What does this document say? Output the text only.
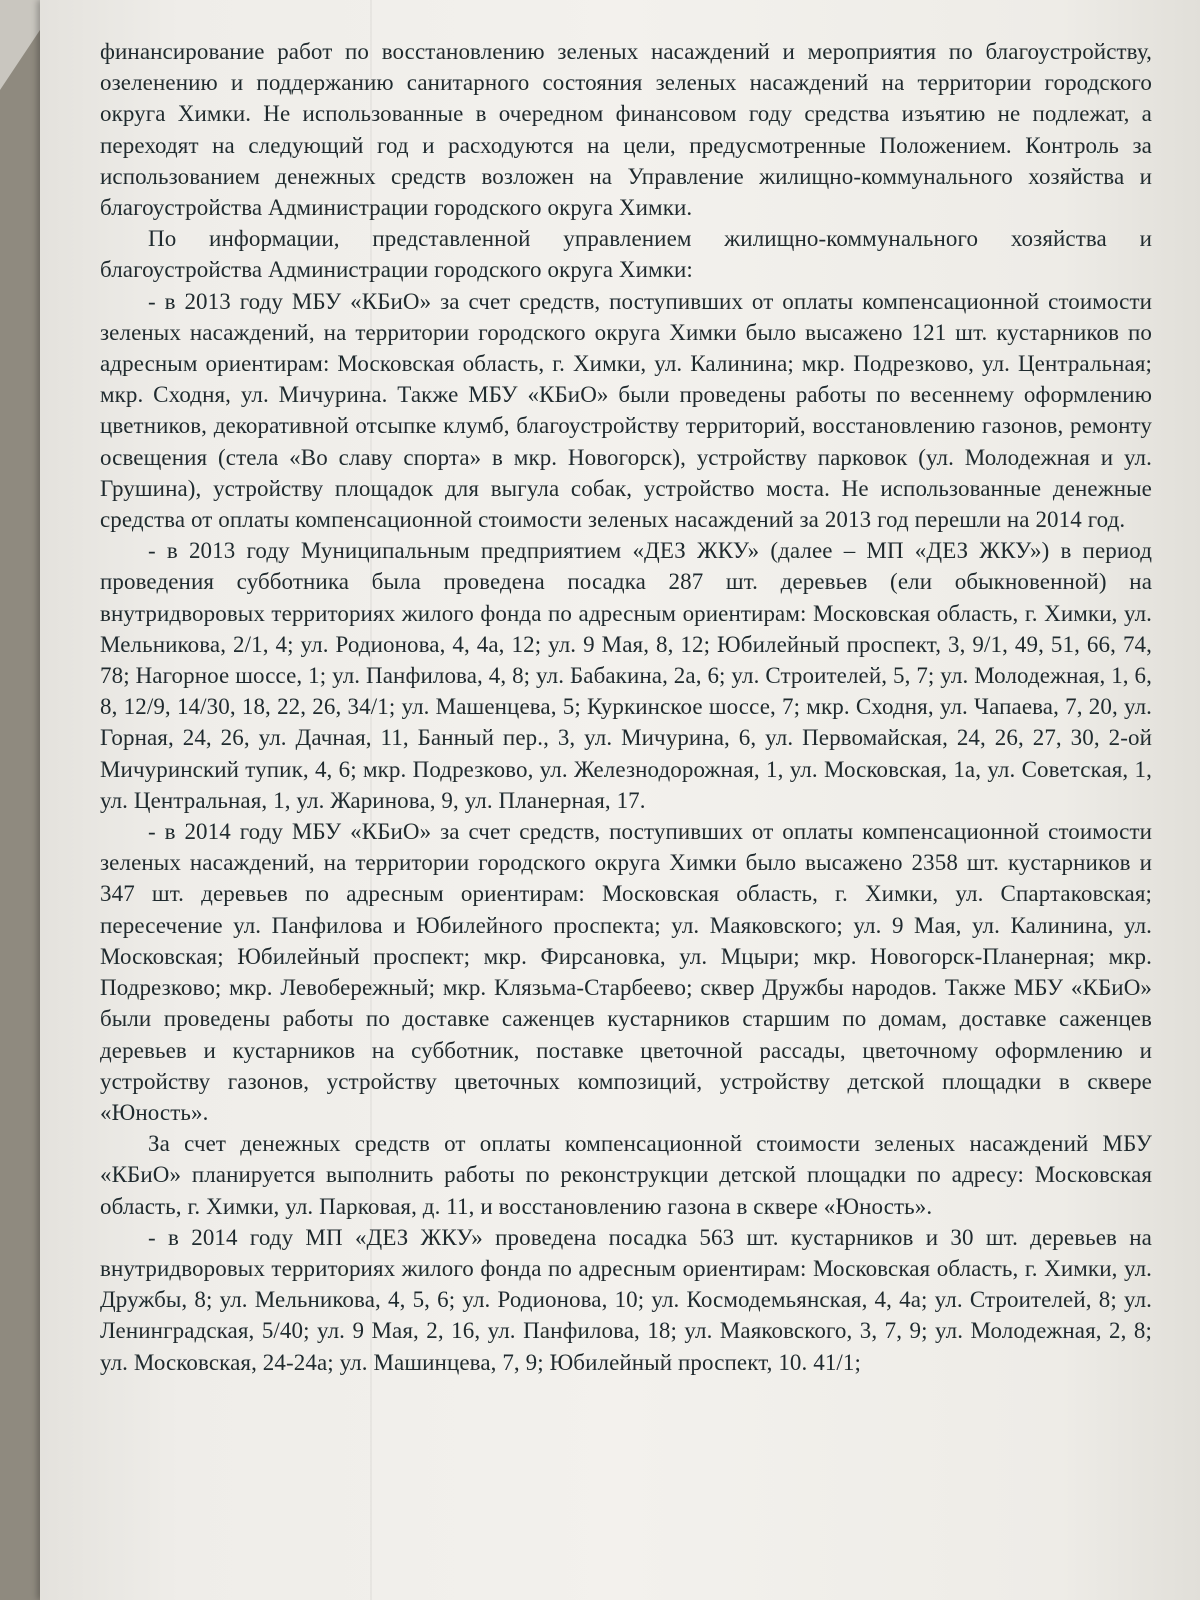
финансирование работ по восстановлению зеленых насаждений и мероприятия по благоустройству, озеленению и поддержанию санитарного состояния зеленых насаждений на территории городского округа Химки. Не использованные в очередном финансовом году средства изъятию не подлежат, а переходят на следующий год и расходуются на цели, предусмотренные Положением. Контроль за использованием денежных средств возложен на Управление жилищно-коммунального хозяйства и благоустройства Администрации городского округа Химки.

По информации, представленной управлением жилищно-коммунального хозяйства и благоустройства Администрации городского округа Химки:

- в 2013 году МБУ «КБиО» за счет средств, поступивших от оплаты компенсационной стоимости зеленых насаждений, на территории городского округа Химки было высажено 121 шт. кустарников по адресным ориентирам: Московская область, г. Химки, ул. Калинина; мкр. Подрезково, ул. Центральная; мкр. Сходня, ул. Мичурина. Также МБУ «КБиО» были проведены работы по весеннему оформлению цветников, декоративной отсыпке клумб, благоустройству территорий, восстановлению газонов, ремонту освещения (стела «Во славу спорта» в мкр. Новогорск), устройству парковок (ул. Молодежная и ул. Грушина), устройству площадок для выгула собак, устройство моста. Не использованные денежные средства от оплаты компенсационной стоимости зеленых насаждений за 2013 год перешли на 2014 год.

- в 2013 году Муниципальным предприятием «ДЕЗ ЖКУ» (далее – МП «ДЕЗ ЖКУ») в период проведения субботника была проведена посадка 287 шт. деревьев (ели обыкновенной) на внутридворовых территориях жилого фонда по адресным ориентирам: Московская область, г. Химки, ул. Мельникова, 2/1, 4; ул. Родионова, 4, 4а, 12; ул. 9 Мая, 8, 12; Юбилейный проспект, 3, 9/1, 49, 51, 66, 74, 78; Нагорное шоссе, 1; ул. Панфилова, 4, 8; ул. Бабакина, 2а, 6; ул. Строителей, 5, 7; ул. Молодежная, 1, 6, 8, 12/9, 14/30, 18, 22, 26, 34/1; ул. Машенцева, 5; Куркинское шоссе, 7; мкр. Сходня, ул. Чапаева, 7, 20, ул. Горная, 24, 26, ул. Дачная, 11, Банный пер., 3, ул. Мичурина, 6, ул. Первомайская, 24, 26, 27, 30, 2-ой Мичуринский тупик, 4, 6; мкр. Подрезково, ул. Железнодорожная, 1, ул. Московская, 1а, ул. Советская, 1, ул. Центральная, 1, ул. Жаринова, 9, ул. Планерная, 17.

- в 2014 году МБУ «КБиО» за счет средств, поступивших от оплаты компенсационной стоимости зеленых насаждений, на территории городского округа Химки было высажено 2358 шт. кустарников и 347 шт. деревьев по адресным ориентирам: Московская область, г. Химки, ул. Спартаковская; пересечение ул. Панфилова и Юбилейного проспекта; ул. Маяковского; ул. 9 Мая, ул. Калинина, ул. Московская; Юбилейный проспект; мкр. Фирсановка, ул. Мцыри; мкр. Новогорск-Планерная; мкр. Подрезково; мкр. Левобережный; мкр. Клязьма-Старбеево; сквер Дружбы народов. Также МБУ «КБиО» были проведены работы по доставке саженцев кустарников старшим по домам, доставке саженцев деревьев и кустарников на субботник, поставке цветочной рассады, цветочному оформлению и устройству газонов, устройству цветочных композиций, устройству детской площадки в сквере «Юность».

За счет денежных средств от оплаты компенсационной стоимости зеленых насаждений МБУ «КБиО» планируется выполнить работы по реконструкции детской площадки по адресу: Московская область, г. Химки, ул. Парковая, д. 11, и восстановлению газона в сквере «Юность».

- в 2014 году МП «ДЕЗ ЖКУ» проведена посадка 563 шт. кустарников и 30 шт. деревьев на внутридворовых территориях жилого фонда по адресным ориентирам: Московская область, г. Химки, ул. Дружбы, 8; ул. Мельникова, 4, 5, 6; ул. Родионова, 10; ул. Космодемьянская, 4, 4а; ул. Строителей, 8; ул. Ленинградская, 5/40; ул. 9 Мая, 2, 16, ул. Панфилова, 18; ул. Маяковского, 3, 7, 9; ул. Молодежная, 2, 8; ул. Московская, 24-24а; ул. Машинцева, 7, 9; Юбилейный проспект, 10. 41/1;
